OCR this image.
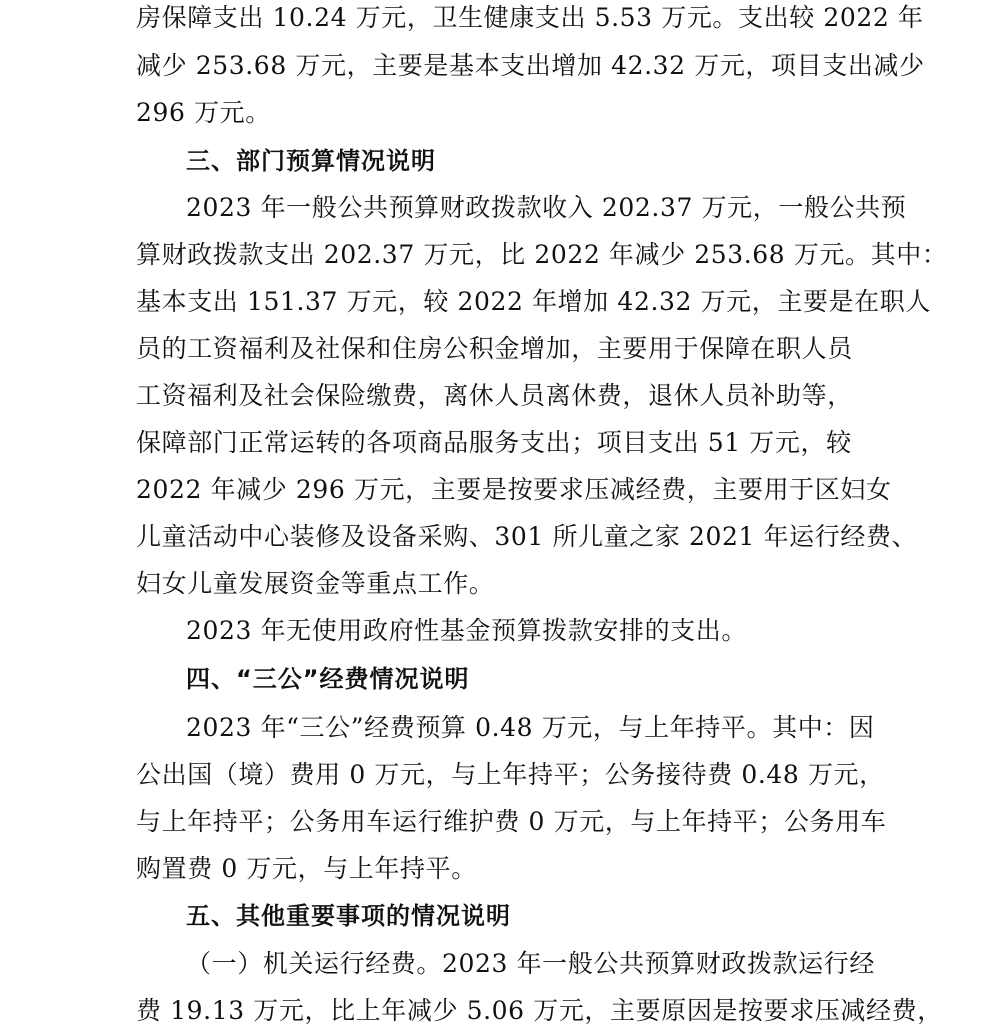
房保障支出 10.24 万元，卫生健康支出 5.53 万元。支出较 2022 年
减少 253.68 万元，主要是基本支出增加 42.32 万元，项目支出减少
296 万元。
三、部门预算情况说明
2023 年一般公共预算财政拨款收入 202.37 万元，一般公共预
算财政拨款支出 202.37 万元，比 2022 年减少 253.68 万元。其中：
基本支出 151.37 万元，较 2022 年增加 42.32 万元，主要是在职人
员的工资福利及社保和住房公积金增加，主要用于保障在职人员
工资福利及社会保险缴费，离休人员离休费，退休人员补助等，
保障部门正常运转的各项商品服务支出；项目支出 51 万元，较
2022 年减少 296 万元，主要是按要求压减经费，主要用于区妇女
儿童活动中心装修及设备采购、301 所儿童之家 2021 年运行经费、
妇女儿童发展资金等重点工作。
2023 年无使用政府性基金预算拨款安排的支出。
四、“三公”经费情况说明
2023 年“三公”经费预算 0.48 万元，与上年持平。其中：因
公出国（境）费用 0 万元，与上年持平；公务接待费 0.48 万元，
与上年持平；公务用车运行维护费 0 万元，与上年持平；公务用车
购置费 0 万元，与上年持平。
五、其他重要事项的情况说明
（一）机关运行经费。2023 年一般公共预算财政拨款运行经
费 19.13 万元，比上年减少 5.06 万元，主要原因是按要求压减经费，
